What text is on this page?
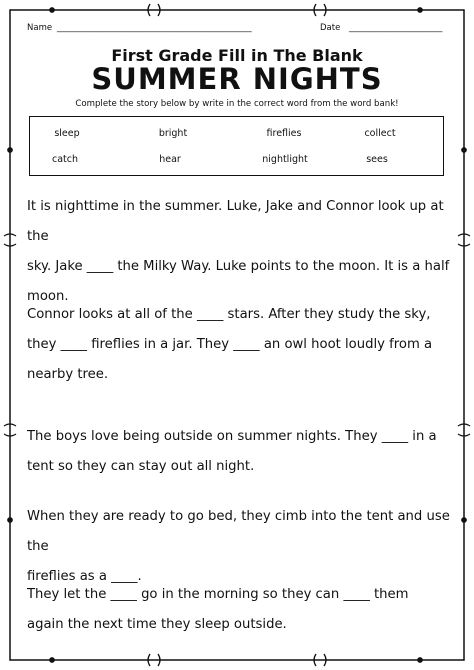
Name ________________________________________________	Date _______________________
First Grade Fill in The Blank
SUMMER NIGHTS
Complete the story below by write in the correct word from the word bank!
sleep	bright	fireflies	collect
catch	hear	nightlight	sees

It is nighttime in the summer. Luke, Jake and Connor look up at the

sky. Jake ____ the Milky Way. Luke points to the moon. It is a half

moon.

Connor looks at all of the ____ stars. After they study the sky,

they ____ fireflies in a jar. They ____ an owl hoot loudly from a

nearby tree.

The boys love being outside on summer nights. They ____ in a

tent so they can stay out all night.

When they are ready to go bed, they cimb into the tent and use the

fireflies as a ____.

They let the ____ go in the morning so they can ____ them

again the next time they sleep outside.
